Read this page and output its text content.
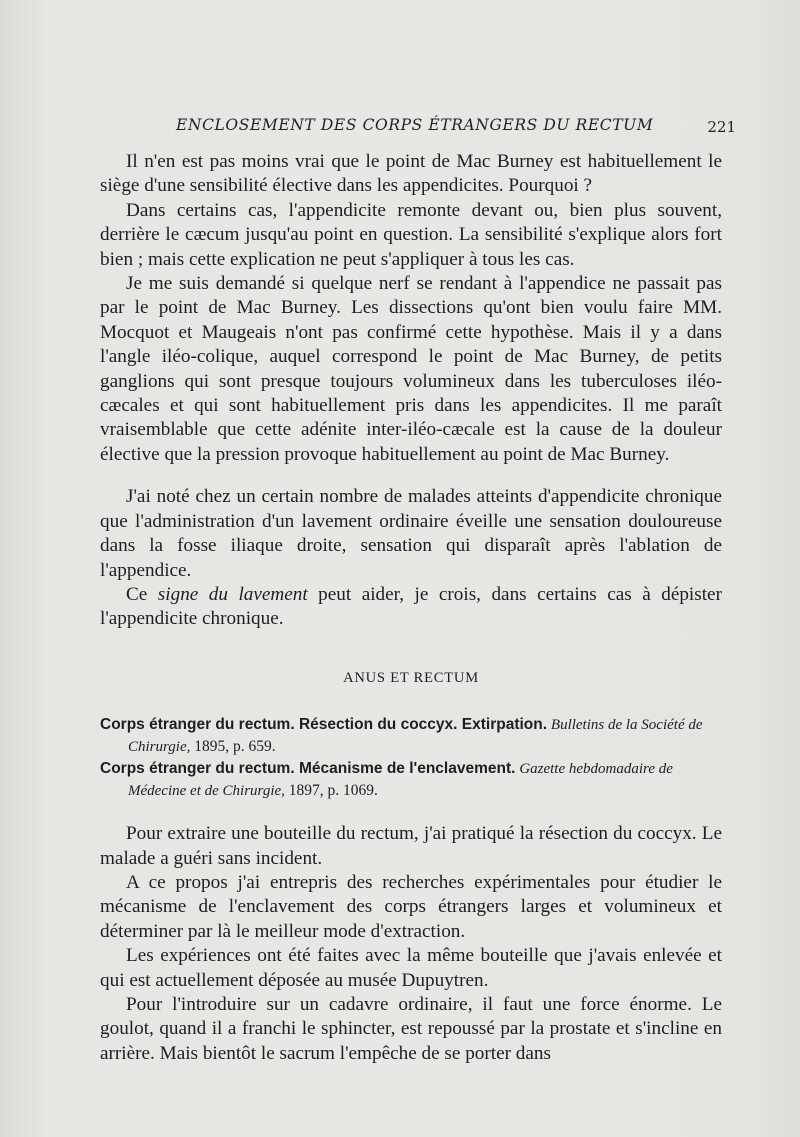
ENCLOSEMENT DES CORPS ÉTRANGERS DU RECTUM	221

Il n'en est pas moins vrai que le point de Mac Burney est habituellement le siège d'une sensibilité élective dans les appendicites. Pourquoi ?

Dans certains cas, l'appendicite remonte devant ou, bien plus souvent, derrière le cæcum jusqu'au point en question. La sensibilité s'explique alors fort bien ; mais cette explication ne peut s'appliquer à tous les cas.

Je me suis demandé si quelque nerf se rendant à l'appendice ne passait pas par le point de Mac Burney. Les dissections qu'ont bien voulu faire MM. Mocquot et Maugeais n'ont pas confirmé cette hypothèse. Mais il y a dans l'angle iléo-colique, auquel correspond le point de Mac Burney, de petits ganglions qui sont presque toujours volumineux dans les tuberculoses iléo-cæcales et qui sont habituellement pris dans les appendicites. Il me paraît vraisemblable que cette adénite inter-iléo-cæcale est la cause de la douleur élective que la pression provoque habituellement au point de Mac Burney.

J'ai noté chez un certain nombre de malades atteints d'appendicite chronique que l'administration d'un lavement ordinaire éveille une sensation douloureuse dans la fosse iliaque droite, sensation qui disparaît après l'ablation de l'appendice.

Ce signe du lavement peut aider, je crois, dans certains cas à dépister l'appendicite chronique.

ANUS ET RECTUM
Corps étranger du rectum. Résection du coccyx. Extirpation. Bulletins de la Société de Chirurgie, 1895, p. 659.
Corps étranger du rectum. Mécanisme de l'enclavement. Gazette hebdomadaire de Médecine et de Chirurgie, 1897, p. 1069.

Pour extraire une bouteille du rectum, j'ai pratiqué la résection du coccyx. Le malade a guéri sans incident.

A ce propos j'ai entrepris des recherches expérimentales pour étudier le mécanisme de l'enclavement des corps étrangers larges et volumineux et déterminer par là le meilleur mode d'extraction.

Les expériences ont été faites avec la même bouteille que j'avais enlevée et qui est actuellement déposée au musée Dupuytren.

Pour l'introduire sur un cadavre ordinaire, il faut une force énorme. Le goulot, quand il a franchi le sphincter, est repoussé par la prostate et s'incline en arrière. Mais bientôt le sacrum l'empêche de se porter dans
